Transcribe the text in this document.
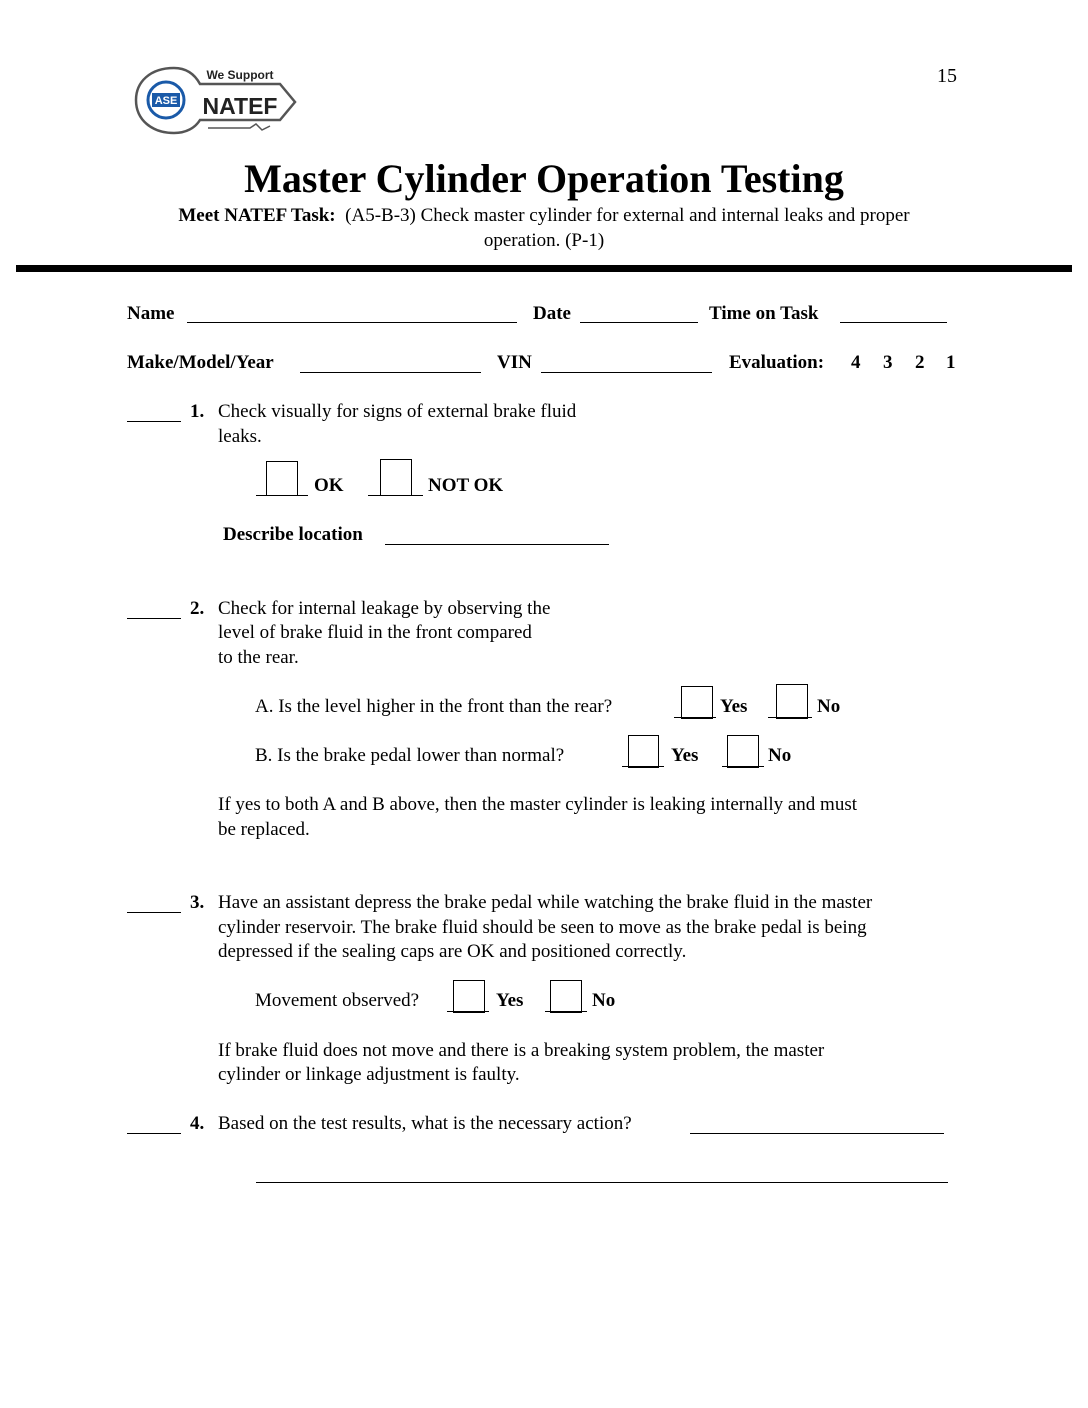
15
ASE NATEF
We Support
Master Cylinder Operation Testing
Meet NATEF Task: (A5-B-3) Check master cylinder for external and internal leaks and proper
operation. (P-1)
Name	Date	Time on Task
Make/Model/Year	VIN	Evaluation: 4 3 2 1
1. Check visually for signs of external brake fluid
leaks.
OK	NOT OK
Describe location
2. Check for internal leakage by observing the
level of brake fluid in the front compared
to the rear.
A. Is the level higher in the front than the rear?	Yes	No
B. Is the brake pedal lower than normal?	Yes	No
If yes to both A and B above, then the master cylinder is leaking internally and must
be replaced.
3. Have an assistant depress the brake pedal while watching the brake fluid in the master
cylinder reservoir. The brake fluid should be seen to move as the brake pedal is being
depressed if the sealing caps are OK and positioned correctly.
Movement observed?	Yes	No
If brake fluid does not move and there is a breaking system problem, the master
cylinder or linkage adjustment is faulty.
4. Based on the test results, what is the necessary action?
